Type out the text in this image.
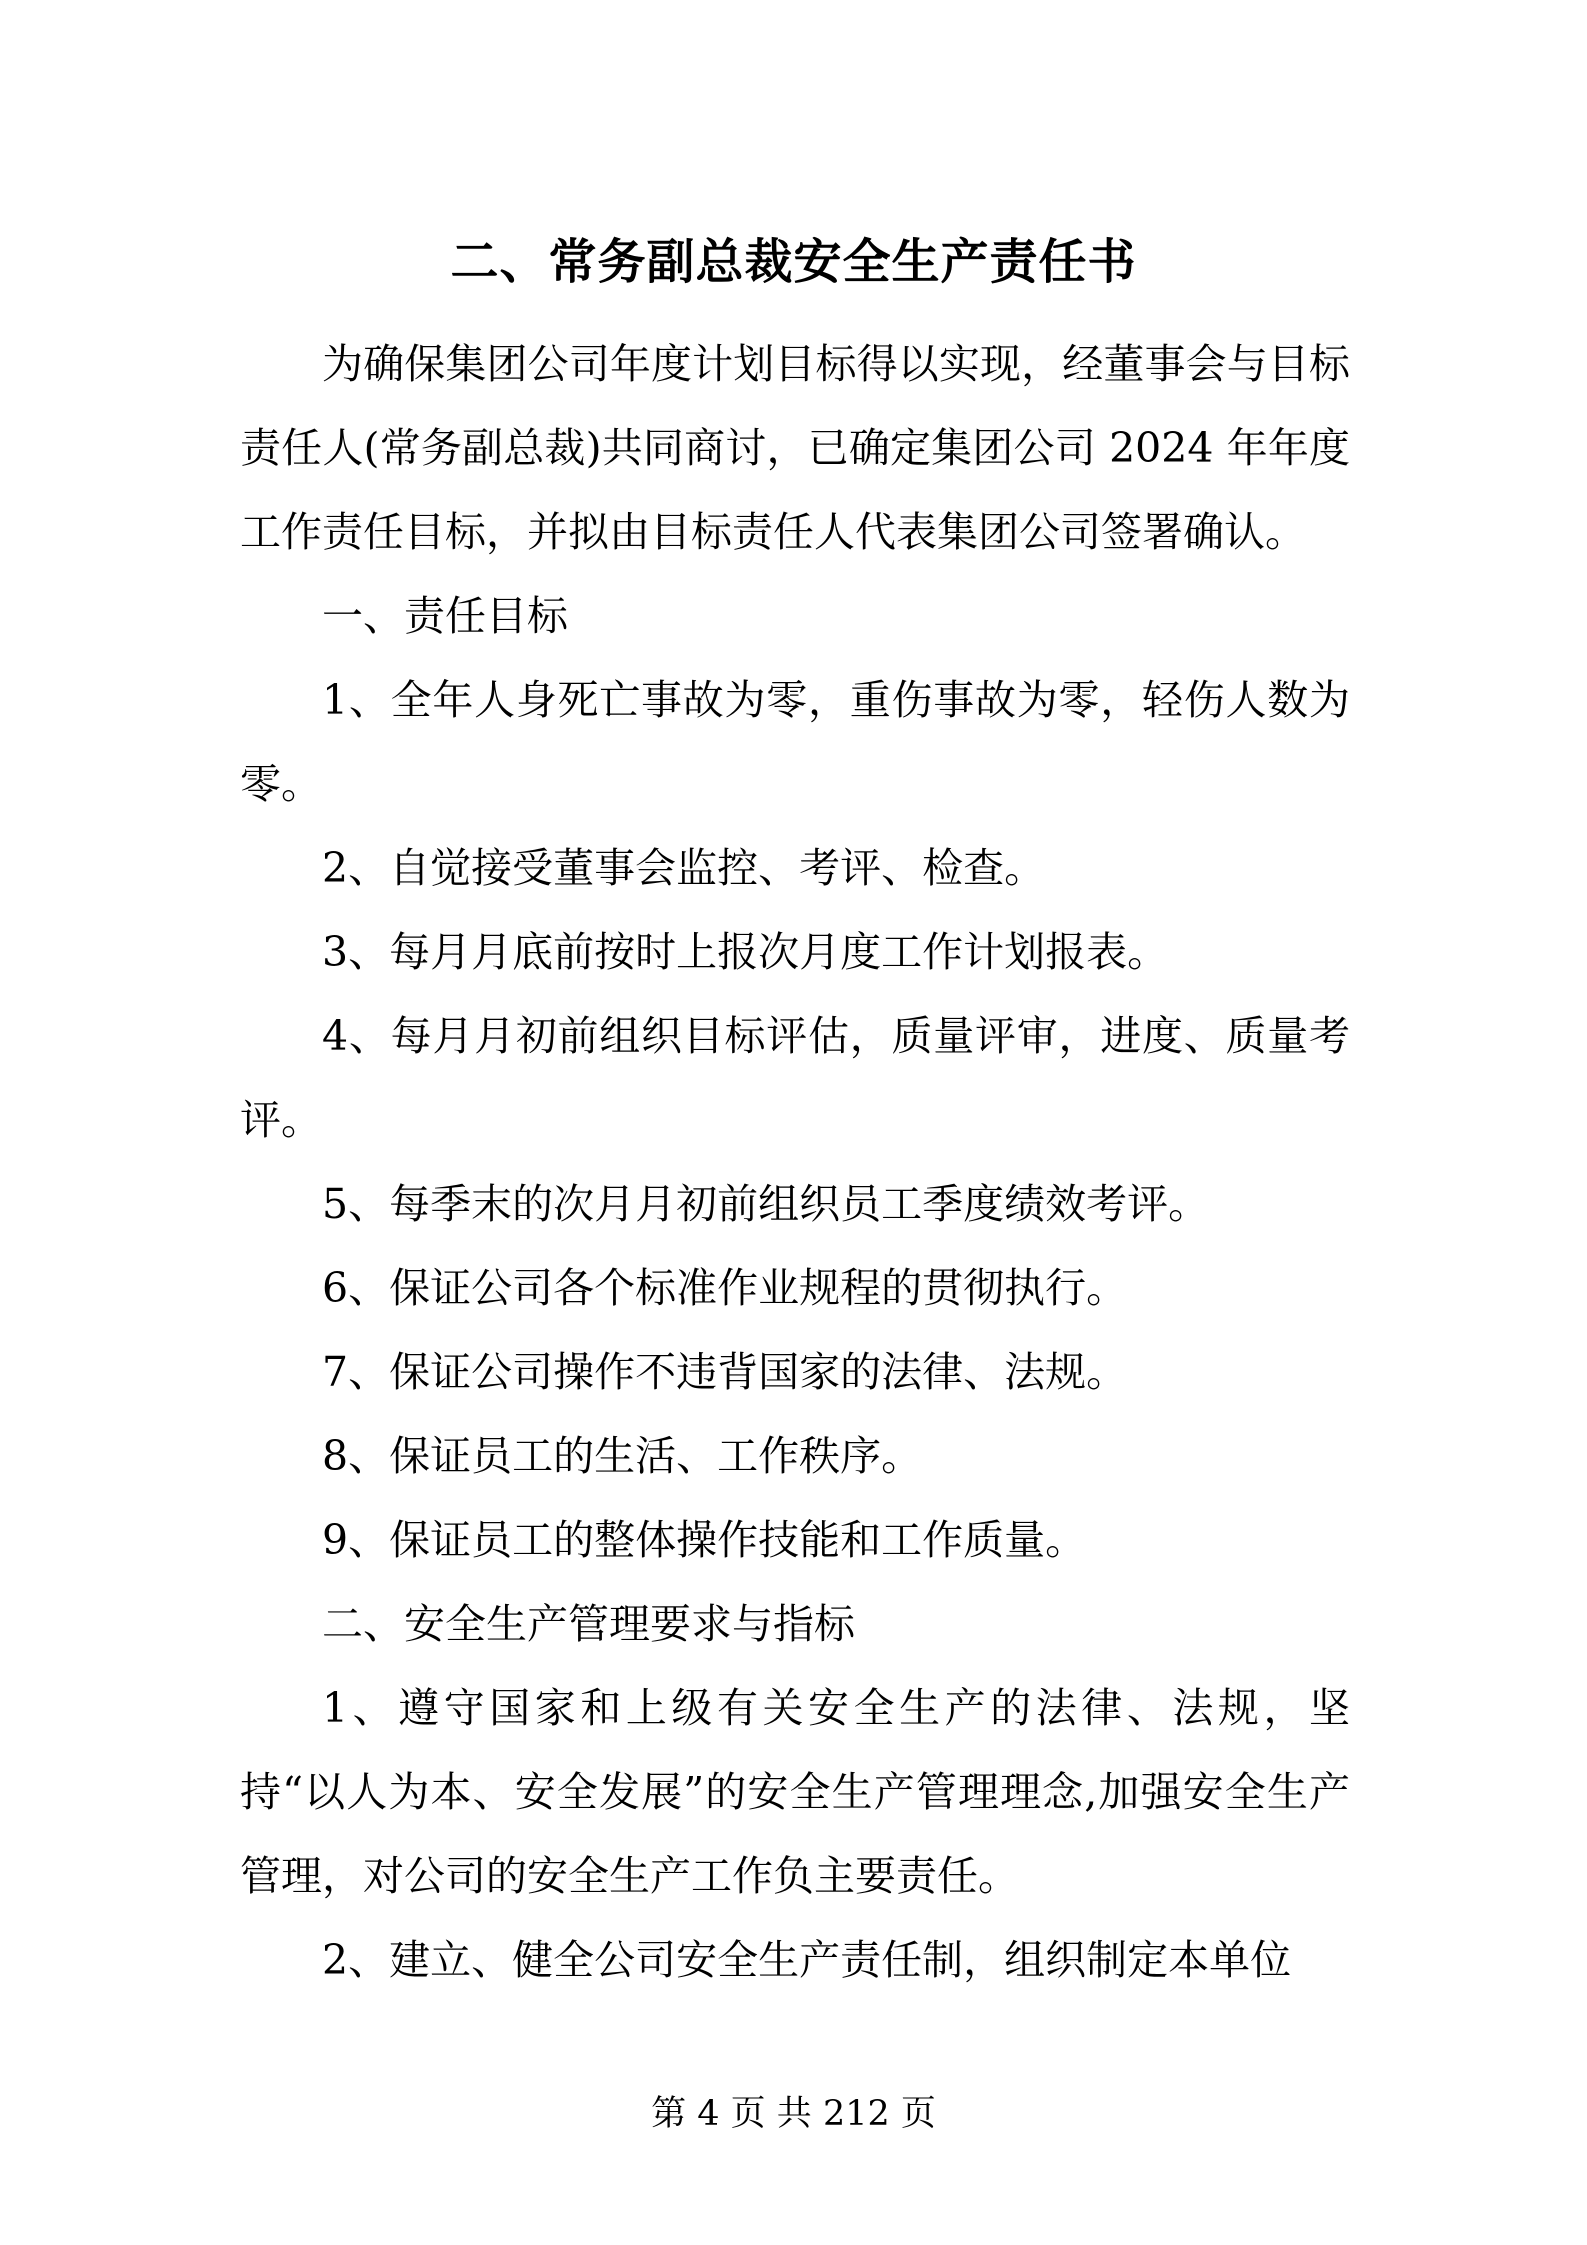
二、常务副总裁安全生产责任书

为确保集团公司年度计划目标得以实现，经董事会与目标责任人(常务副总裁)共同商讨，已确定集团公司 2024 年年度工作责任目标，并拟由目标责任人代表集团公司签署确认。

一、责任目标

1、全年人身死亡事故为零，重伤事故为零，轻伤人数为零。

2、自觉接受董事会监控、考评、检查。

3、每月月底前按时上报次月度工作计划报表。

4、每月月初前组织目标评估，质量评审，进度、质量考评。

5、每季末的次月月初前组织员工季度绩效考评。

6、保证公司各个标准作业规程的贯彻执行。

7、保证公司操作不违背国家的法律、法规。

8、保证员工的生活、工作秩序。

9、保证员工的整体操作技能和工作质量。

二、安全生产管理要求与指标

1、遵守国家和上级有关安全生产的法律、法规，坚持“以人为本、安全发展”的安全生产管理理念,加强安全生产管理，对公司的安全生产工作负主要责任。

2、建立、健全公司安全生产责任制，组织制定本单位

第 4 页 共 212 页
